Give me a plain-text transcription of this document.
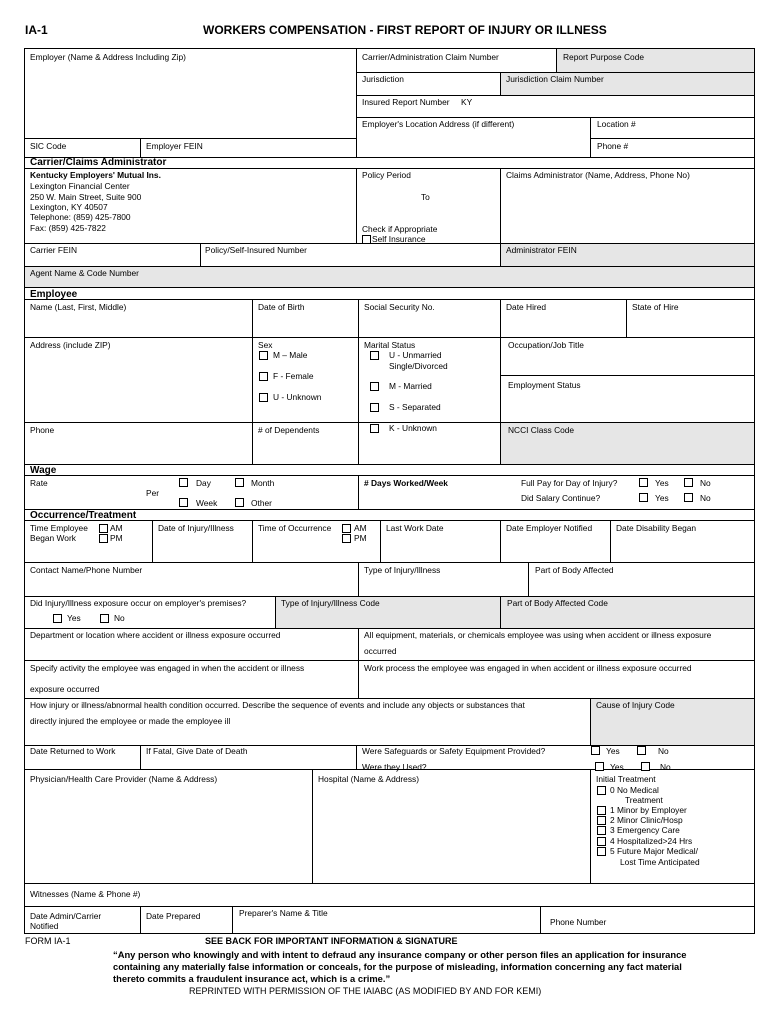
IA-1	WORKERS COMPENSATION - FIRST REPORT OF INJURY OR ILLNESS
Employer (Name & Address Including Zip)	Carrier/Administration Claim Number	Report Purpose Code
Jurisdiction	Jurisdiction Claim Number
Insured Report Number KY
Employer's Location Address (if different)	Location #
SIC Code	Employer FEIN	Phone #
Carrier/Claims Administrator
Kentucky Employers' Mutual Ins.
Lexington Financial Center
250 W. Main Street, Suite 900
Lexington, KY 40507
Telephone: (859) 425-7800
Fax: (859) 425-7822
Policy Period
To
Check if Appropriate
Self Insurance
Claims Administrator (Name, Address, Phone No)
Carrier FEIN	Policy/Self-Insured Number	Administrator FEIN
Agent Name & Code Number
Employee
Name (Last, First, Middle)	Date of Birth	Social Security No.	Date Hired	State of Hire
Address (include ZIP)	Sex
M – Male
F - Female
U - Unknown
Marital Status
U - Unmarried
Single/Divorced
M - Married
S - Separated
K - Unknown
Occupation/Job Title
Employment Status
Phone	# of Dependents	NCCI Class Code
Wage
Rate
Per
Day	Month
Week	Other
# Days Worked/Week	Full Pay for Day of Injury?	Yes	No
Did Salary Continue?	Yes	No
Occurrence/Treatment
Time Employee	AM
Began Work	PM
Date of Injury/Illness	Time of Occurrence	AM
PM
Last Work Date	Date Employer Notified	Date Disability Began
Contact Name/Phone Number	Type of Injury/Illness	Part of Body Affected
Did Injury/Illness exposure occur on employer's premises?
Yes	No
Type of Injury/Illness Code	Part of Body Affected Code
Department or location where accident or illness exposure occurred	All equipment, materials, or chemicals employee was using when accident or illness exposure
occurred
Specify activity the employee was engaged in when the accident or illness
exposure occurred
Work process the employee was engaged in when accident or illness exposure occurred
How injury or illness/abnormal health condition occurred. Describe the sequence of events and include any objects or substances that
directly injured the employee or made the employee ill
Cause of Injury Code
Date Returned to Work	If Fatal, Give Date of Death	Were Safeguards or Safety Equipment Provided?	Yes	No
Were they Used?	Yes	No
Physician/Health Care Provider (Name & Address)	Hospital (Name & Address)	Initial Treatment
0 No Medical
Treatment
1 Minor by Employer
2 Minor Clinic/Hosp
3 Emergency Care
4 Hospitalized>24 Hrs
5 Future Major Medical/
Lost Time Anticipated
Witnesses (Name & Phone #)
Date Admin/Carrier
Notified
Date Prepared	Preparer's Name & Title
Phone Number
FORM IA-1	SEE BACK FOR IMPORTANT INFORMATION & SIGNATURE
“Any person who knowingly and with intent to defraud any insurance company or other person files an application for insurance
containing any materially false information or conceals, for the purpose of misleading, information concerning any fact material
thereto commits a fraudulent insurance act, which is a crime.”
REPRINTED WITH PERMISSION OF THE IAIABC (AS MODIFIED BY AND FOR KEMI)
